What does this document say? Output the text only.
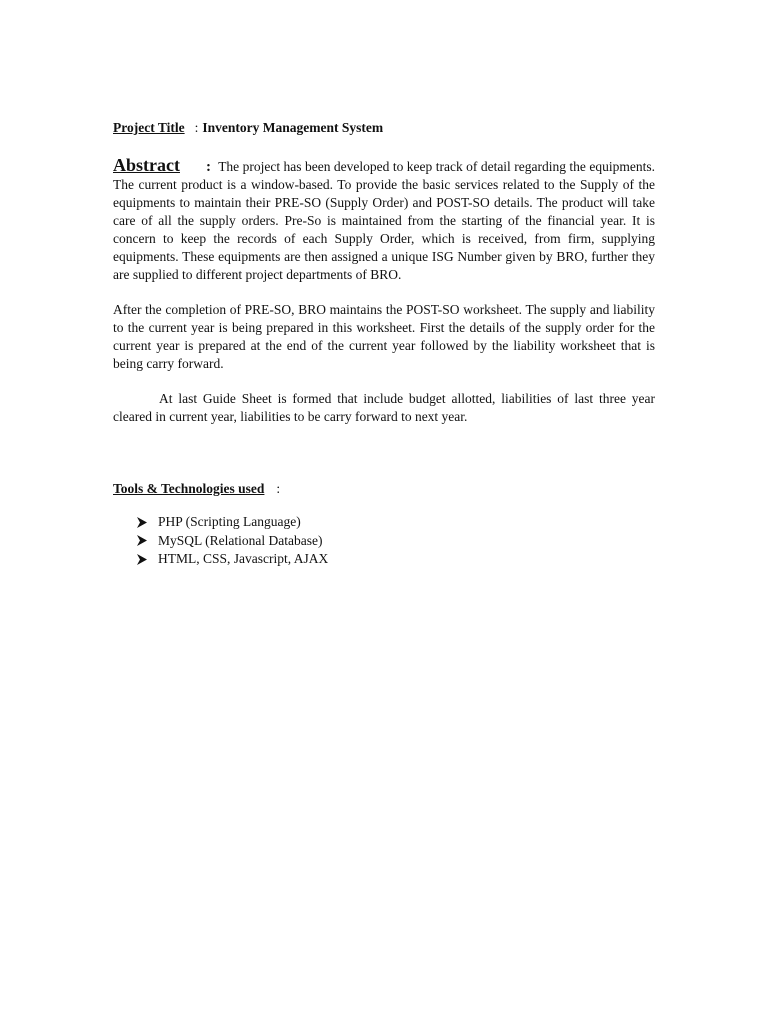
Project Title : Inventory Management System

Abstract : The project has been developed to keep track of detail regarding the equipments. The current product is a window-based. To provide the basic services related to the Supply of the equipments to maintain their PRE-SO (Supply Order) and POST-SO details. The product will take care of all the supply orders. Pre-So is maintained from the starting of the financial year. It is concern to keep the records of each Supply Order, which is received, from firm, supplying equipments. These equipments are then assigned a unique ISG Number given by BRO, further they are supplied to different project departments of BRO.

After the completion of PRE-SO, BRO maintains the POST-SO worksheet. The supply and liability to the current year is being prepared in this worksheet. First the details of the supply order for the current year is prepared at the end of the current year followed by the liability worksheet that is being carry forward.

At last Guide Sheet is formed that include budget allotted, liabilities of last three year cleared in current year, liabilities to be carry forward to next year.

Tools & Technologies used :
PHP (Scripting Language)
MySQL (Relational Database)
HTML, CSS, Javascript, AJAX
